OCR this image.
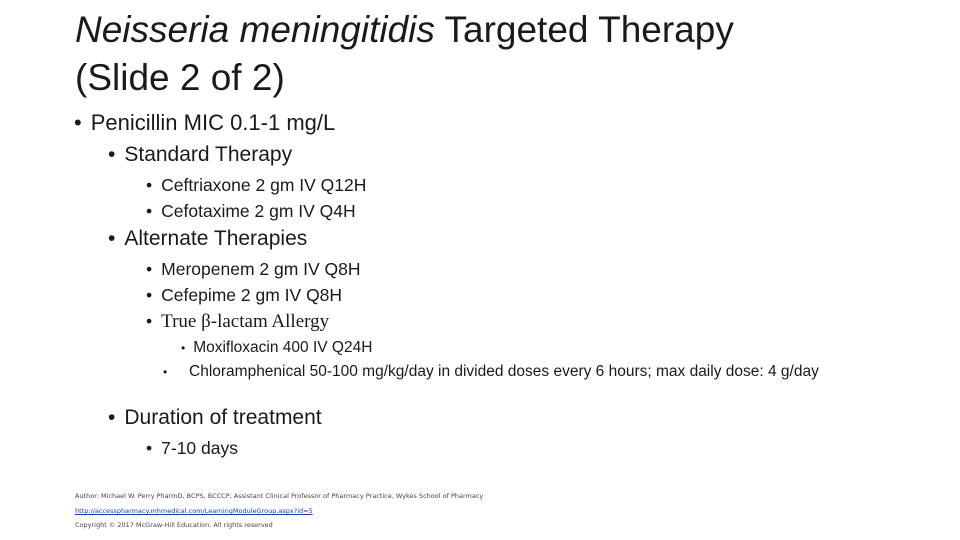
Neisseria meningitidis Targeted Therapy
(Slide 2 of 2)
• Penicillin MIC 0.1-1 mg/L
• Standard Therapy
• Ceftriaxone 2 gm IV Q12H
• Cefotaxime 2 gm IV Q4H
• Alternate Therapies
• Meropenem 2 gm IV Q8H
• Cefepime 2 gm IV Q8H
• True β-lactam Allergy
• Moxifloxacin 400 IV Q24H
• Chloramphenical 50-100 mg/kg/day in divided doses every 6 hours; max daily dose: 4 g/day
• Duration of treatment
• 7-10 days
Author: Michael W. Perry PharmD, BCPS, BCCCP, Assistant Clinical Professor of Pharmacy Practice, Wykes School of Pharmacy
http://accesspharmacy.mhmedical.com/LearningModuleGroup.aspx?id=5
Copyright © 2017 McGraw-Hill Education. All rights reserved
